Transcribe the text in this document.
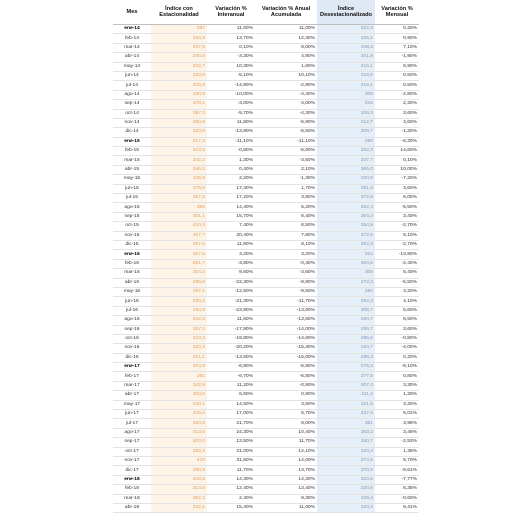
Mes	Índice con Estacionalidad	Variación % Interanual	Variación % Anual Acumulada	Índice Desestacionalizado	Variación % Mensual
ene-14	287	11,00%	11,00%	322,3	0,20%
feb-14	333,4	13,70%	12,30%	325,2	0,90%
mar-14	337,8	0,10%	8,00%	348,3	7,10%
abr-14	345,6	-3,30%	4,90%	341,8	-1,90%
may-14	332,7	10,30%	1,60%	316,1	6,90%
jun-14	333,0	-5,10%	10,10%	316,6	0,50%
jul-14	326,9	-14,90%	-2,90%	316,1	0,50%
ago-14	330,9	-10,00%	-4,40%	308	-2,80%
sep-14	370,1	-3,00%	-4,00%	315	2,30%
oct-14	387,3	-5,70%	-4,30%	326,3	3,60%
nov-14	350,8	11,80%	-5,90%	312,7	3,60%
dic-14	323,6	-13,80%	-5,50%	309,7	-1,30%
ene-15	317,3	-11,10%	-11,10%	290	-6,30%
feb-15	313,6	-0,80%	-5,60%	332,3	14,60%
mar-15	342,2	1,30%	-3,60%	337,7	0,10%
abr-15	346,2	0,40%	2,10%	365,0	10,00%
may-15	339,9	2,20%	-1,30%	330,9	-7,20%
jun-15	376,6	17,40%	1,70%	351,6	3,60%
jul-15	387,5	17,20%	3,80%	372,8	6,00%
ago-15	385	14,40%	5,20%	352,4	-5,50%
sep-15	401,1	15,70%	6,40%	364,3	3,40%
oct-15	410,3	7,40%	6,50%	354,5	-2,70%
nov-15	407,7	20,40%	7,80%	372,6	5,10%
dic-15	367,6	11,90%	8,10%	362,3	-2,70%
ene-16	327,5	3,20%	3,20%	312	-13,90%
feb-16	301,7	-3,80%	-0,40%	304,5	-2,40%
mar-16	304,2	9,60%	-3,60%	308	5,40%
abr-16	296,8	-22,30%	-8,80%	272,3	-5,50%
may-16	297,1	-12,50%	-9,50%	280	3,20%
jun-16	290,2	-21,30%	-11,70%	292,3	4,10%
jul-16	294,9	-23,90%	-13,60%	305,7	5,60%
ago-16	332,0	11,60%	-13,60%	290,7	6,50%
sep-16	357,4	-17,90%	-14,00%	299,7	3,60%
oct-16	323,3	-19,80%	-14,60%	286,6	-0,80%
nov-16	323,3	-20,20%	-15,30%	284,7	-4,00%
dic-16	321,1	-13,60%	-15,00%	286,3	0,20%
ene-17	304,9	-6,90%	-6,90%	275,3	-9,10%
feb-17	281	-6,70%	-6,80%	277,5	0,80%
mar-17	342,9	11,20%	-0,90%	307,4	3,30%
abr-17	303,6	6,60%	0,90%	311,2	1,30%
may-17	340,1	14,50%	3,50%	321,5	3,30%
jun-17	345,6	17,00%	5,70%	337,6	5,01%
jul-17	384,8	21,70%	8,00%	351	3,98%
ago-17	413,6	24,30%	10,40%	363,2	3,46%
sep-17	403,0	13,50%	11,70%	340,7	-2,53%
oct-17	393,3	21,00%	12,10%	334,4	1,35%
nov-17	418	31,60%	14,00%	374,6	5,70%
dic-17	390,9	11,70%	13,70%	370,9	-9,61%
ene-18	345,5	14,30%	14,30%	334,6	-7,77%
feb-18	313,8	12,40%	13,40%	334,6	6,35%
mar-18	352,2	2,40%	9,30%	329,4	-0,60%
abr-18	342,1	15,40%	11,00%	333,3	9,41%
